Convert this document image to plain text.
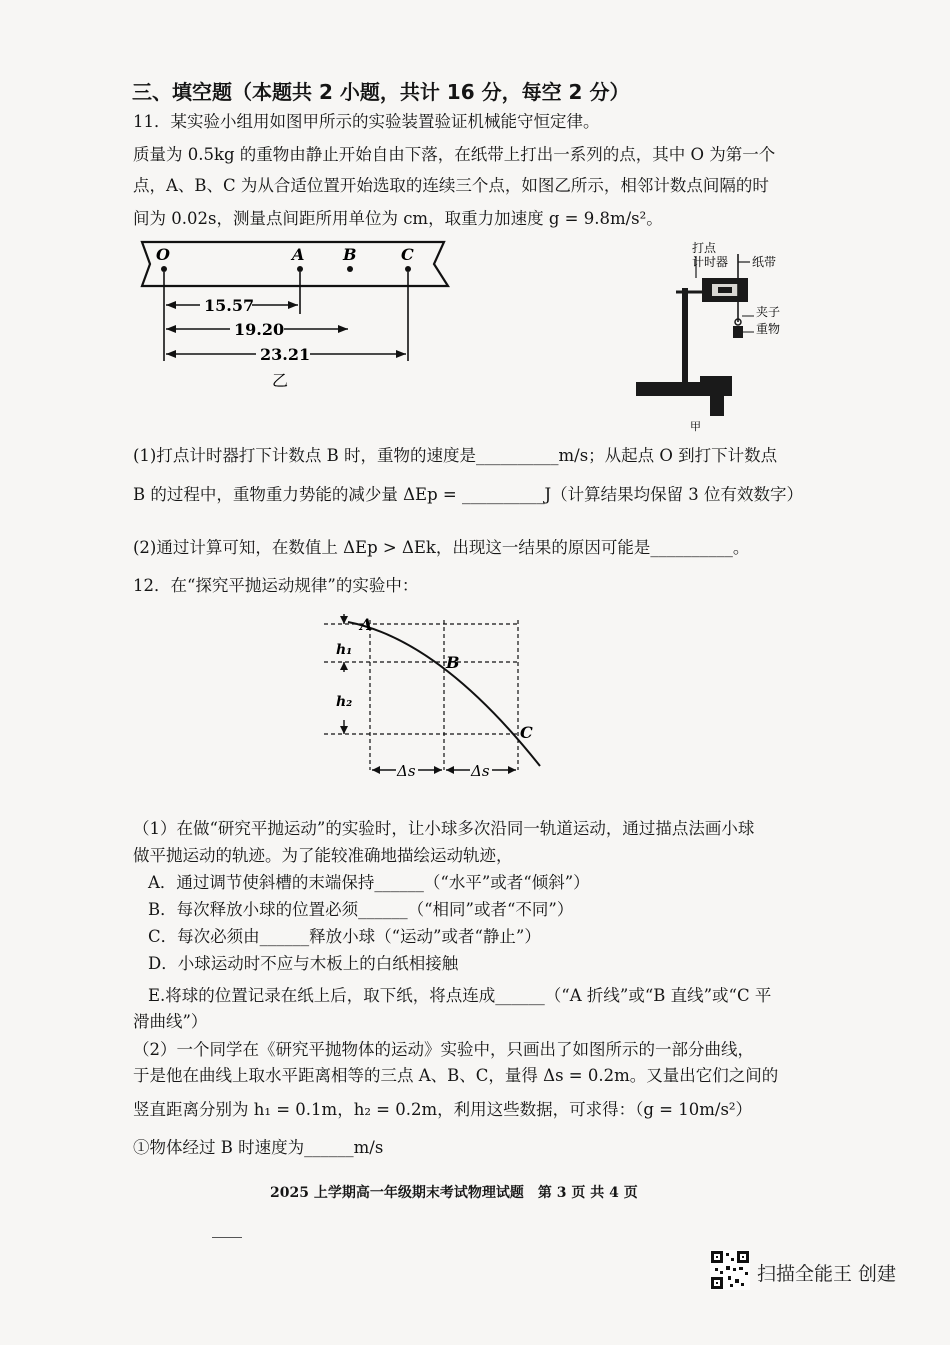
三、填空题（本题共 2 小题，共计 16 分，每空 2 分）
11．某实验小组用如图甲所示的实验装置验证机械能守恒定律。
质量为 0.5kg 的重物由静止开始自由下落，在纸带上打出一系列的点，其中 O 为第一个
点，A、B、C 为从合适位置开始选取的连续三个点，如图乙所示，相邻计数点间隔的时
间为 0.02s，测量点间距所用单位为 cm，取重力加速度 g = 9.8m/s²。
O	A B	C
15.57
19.20
23.21
乙
打点
计时器 纸带
夹子
重物
甲
(1)打点计时器打下计数点 B 时，重物的速度是__________m/s；从起点 O 到打下计数点
B 的过程中，重物重力势能的减少量 ΔEp = __________J（计算结果均保留 3 位有效数字）
(2)通过计算可知，在数值上 ΔEp > ΔEk，出现这一结果的原因可能是__________。
12．在“探究平抛运动规律”的实验中：
A
B
C
h₁
h₂
Δs	Δs
（1）在做“研究平抛运动”的实验时，让小球多次沿同一轨道运动，通过描点法画小球
做平抛运动的轨迹。为了能较准确地描绘运动轨迹，
A．通过调节使斜槽的末端保持______（“水平”或者“倾斜”）
B．每次释放小球的位置必须______（“相同”或者“不同”）
C．每次必须由______释放小球（“运动”或者“静止”）
D．小球运动时不应与木板上的白纸相接触
E.将球的位置记录在纸上后，取下纸，将点连成______（“A 折线”或“B 直线”或“C 平
滑曲线”）
（2）一个同学在《研究平抛物体的运动》实验中，只画出了如图所示的一部分曲线，
于是他在曲线上取水平距离相等的三点 A、B、C，量得 Δs = 0.2m。又量出它们之间的
竖直距离分别为 h₁ = 0.1m，h₂ = 0.2m，利用这些数据，可求得：（g = 10m/s²）
①物体经过 B 时速度为______m/s
2025 上学期高一年级期末考试物理试题　第 3 页 共 4 页
扫描全能王 创建
